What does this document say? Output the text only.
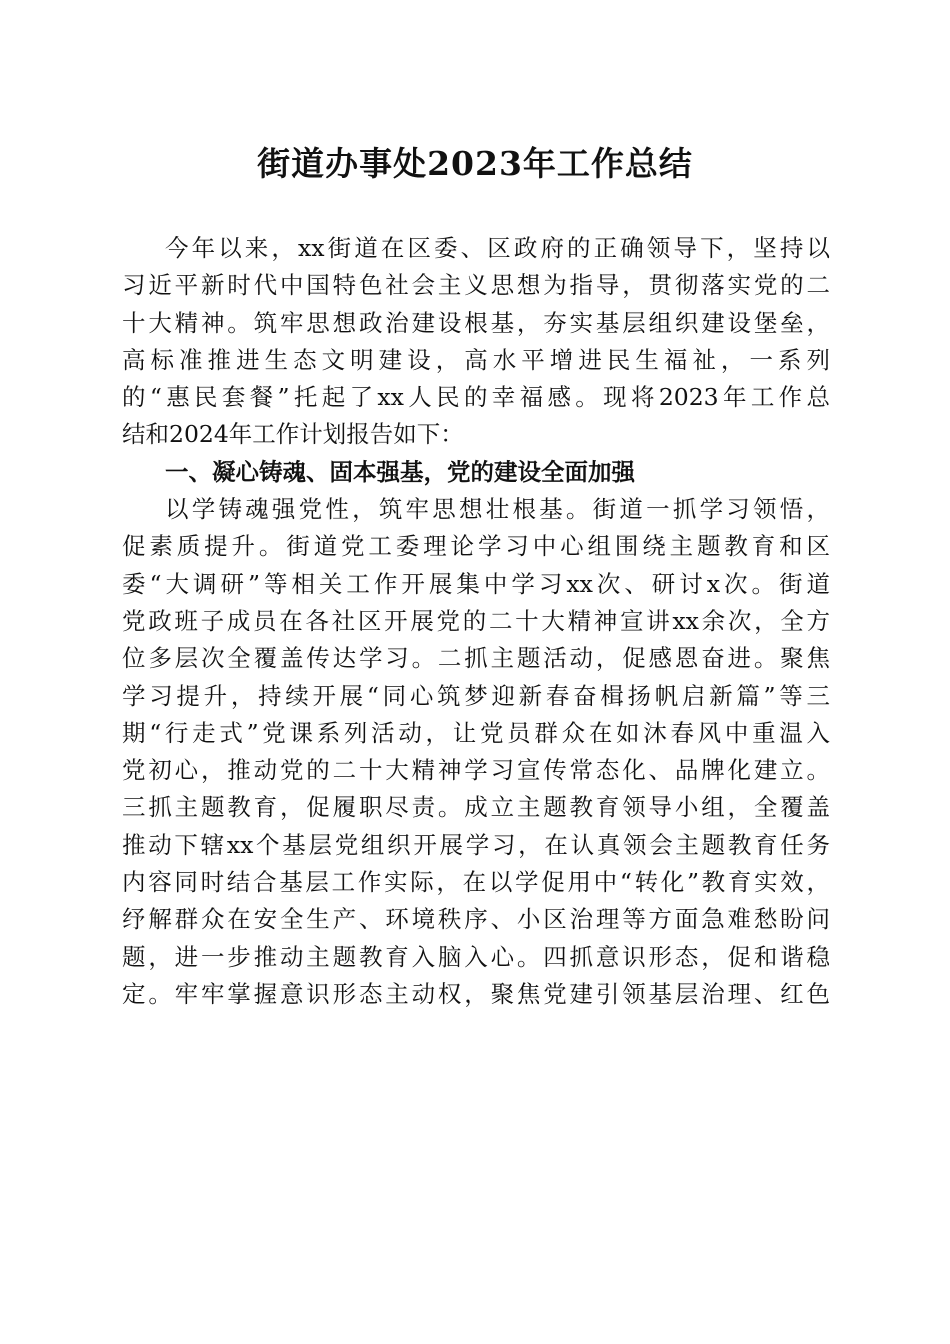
街道办事处2023年工作总结
今年以来，xx街道在区委、区政府的正确领导下，坚持以
习近平新时代中国特色社会主义思想为指导，贯彻落实党的二
十大精神。筑牢思想政治建设根基，夯实基层组织建设堡垒，
高标准推进生态文明建设，高水平增进民生福祉，一系列
的“惠民套餐”托起了xx人民的幸福感。现将2023年工作总
结和2024年工作计划报告如下：
一、凝心铸魂、固本强基，党的建设全面加强
以学铸魂强党性，筑牢思想壮根基。街道一抓学习领悟，
促素质提升。街道党工委理论学习中心组围绕主题教育和区
委“大调研”等相关工作开展集中学习xx次、研讨x次。街道
党政班子成员在各社区开展党的二十大精神宣讲xx余次，全方
位多层次全覆盖传达学习。二抓主题活动，促感恩奋进。聚焦
学习提升，持续开展“同心筑梦迎新春奋楫扬帆启新篇”等三
期“行走式”党课系列活动，让党员群众在如沐春风中重温入
党初心，推动党的二十大精神学习宣传常态化、品牌化建立。
三抓主题教育，促履职尽责。成立主题教育领导小组，全覆盖
推动下辖xx个基层党组织开展学习，在认真领会主题教育任务
内容同时结合基层工作实际，在以学促用中“转化”教育实效，
纾解群众在安全生产、环境秩序、小区治理等方面急难愁盼问
题，进一步推动主题教育入脑入心。四抓意识形态，促和谐稳
定。牢牢掌握意识形态主动权，聚焦党建引领基层治理、红色
